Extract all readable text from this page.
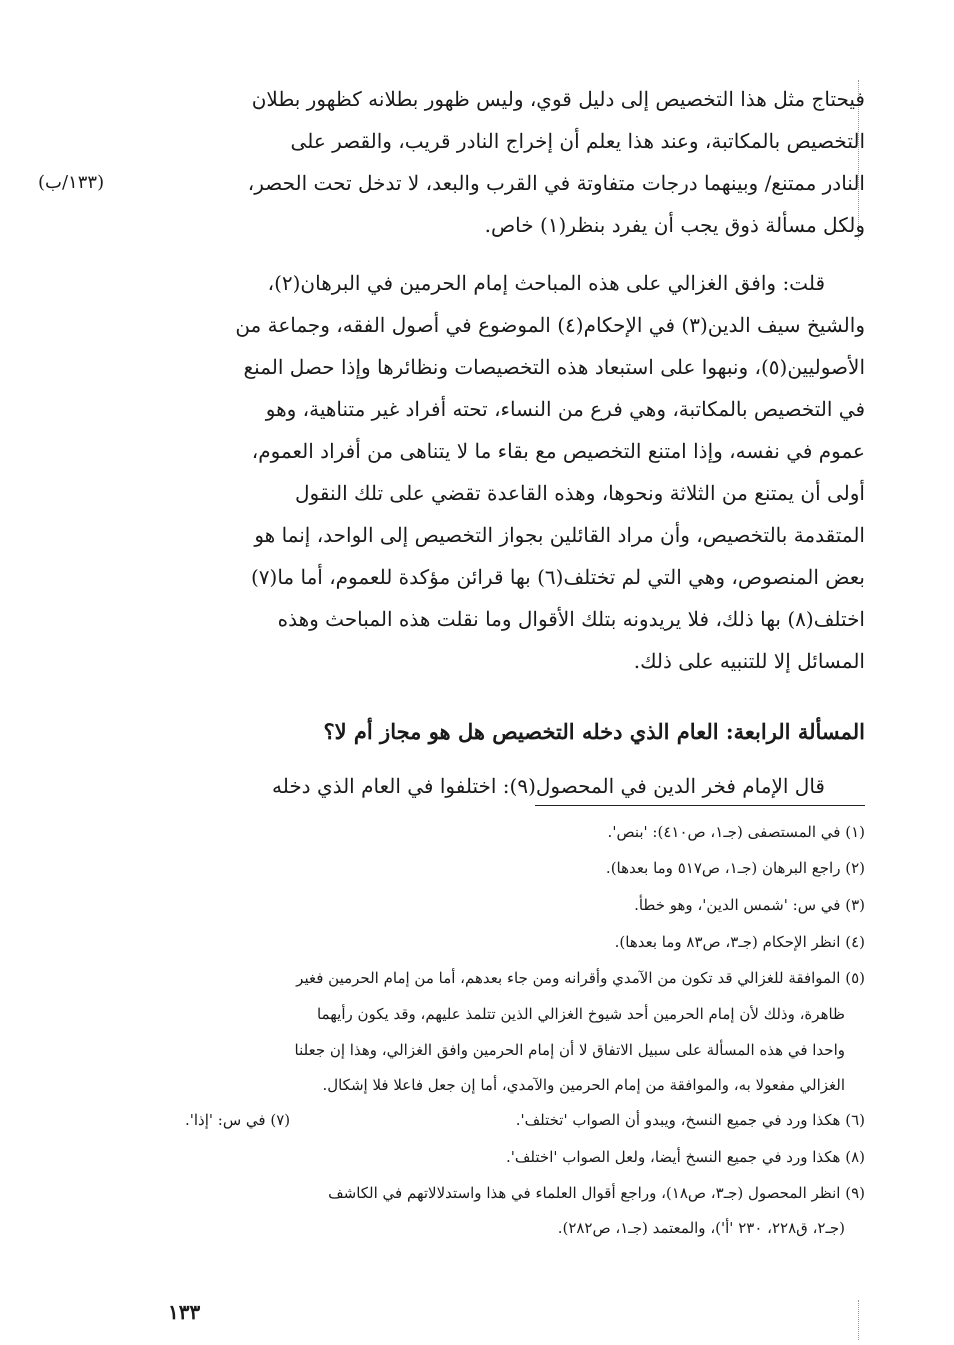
(١٣٣/ب)
فيحتاج مثل هذا التخصيص إلى دليل قوي، وليس ظهور بطلانه كظهور بطلان
التخصيص بالمكاتبة، وعند هذا يعلم أن إخراج النادر قريب، والقصر على
النادر ممتنع/ وبينهما درجات متفاوتة في القرب والبعد، لا تدخل تحت الحصر،
ولكل مسألة ذوق يجب أن يفرد بنظر(١) خاص.
قلت: وافق الغزالي على هذه المباحث إمام الحرمين في البرهان(٢)،
والشيخ سيف الدين(٣) في الإحكام(٤) الموضوع في أصول الفقه، وجماعة من
الأصوليين(٥)، ونبهوا على استبعاد هذه التخصيصات ونظائرها وإذا حصل المنع
في التخصيص بالمكاتبة، وهي فرع من النساء، تحته أفراد غير متناهية، وهو
عموم في نفسه، وإذا امتنع التخصيص مع بقاء ما لا يتناهى من أفراد العموم،
أولى أن يمتنع من الثلاثة ونحوها، وهذه القاعدة تقضي على تلك النقول
المتقدمة بالتخصيص، وأن مراد القائلين بجواز التخصيص إلى الواحد، إنما هو
بعض المنصوص، وهي التي لم تختلف(٦) بها قرائن مؤكدة للعموم، أما ما(٧)
اختلف(٨) بها ذلك، فلا يريدونه بتلك الأقوال وما نقلت هذه المباحث وهذه
المسائل إلا للتنبيه على ذلك.
المسألة الرابعة: العام الذي دخله التخصيص هل هو مجاز أم لا؟
قال الإمام فخر الدين في المحصول(٩): اختلفوا في العام الذي دخله
(١) في المستصفى (جـ١، ص٤١٠): 'بنص'.
(٢) راجع البرهان (جـ١، ص٥١٧ وما بعدها).
(٣) في س: 'شمس الدين'، وهو خطأ.
(٤) انظر الإحكام (جـ٣، ص٨٣ وما بعدها).
(٥) الموافقة للغزالي قد تكون من الآمدي وأقرانه ومن جاء بعدهم، أما من إمام الحرمين فغير
ظاهرة، وذلك لأن إمام الحرمين أحد شيوخ الغزالي الذين تتلمذ عليهم، وقد يكون رأيهما
واحدا في هذه المسألة على سبيل الاتفاق لا أن إمام الحرمين وافق الغزالي، وهذا إن جعلنا
الغزالي مفعولا به، والموافقة من إمام الحرمين والآمدي، أما إن جعل فاعلا فلا إشكال.
(٦) هكذا ورد في جميع النسخ، ويبدو أن الصواب 'تختلف'.
(٧) في س: 'إذا'.
(٨) هكذا ورد في جميع النسخ أيضا، ولعل الصواب 'اختلف'.
(٩) انظر المحصول (جـ٣، ص١٨)، وراجع أقوال العلماء في هذا واستدلالاتهم في الكاشف
(جـ٢، ق٢٢٨، ٢٣٠ 'أ')، والمعتمد (جـ١، ص٢٨٢).
١٣٣
